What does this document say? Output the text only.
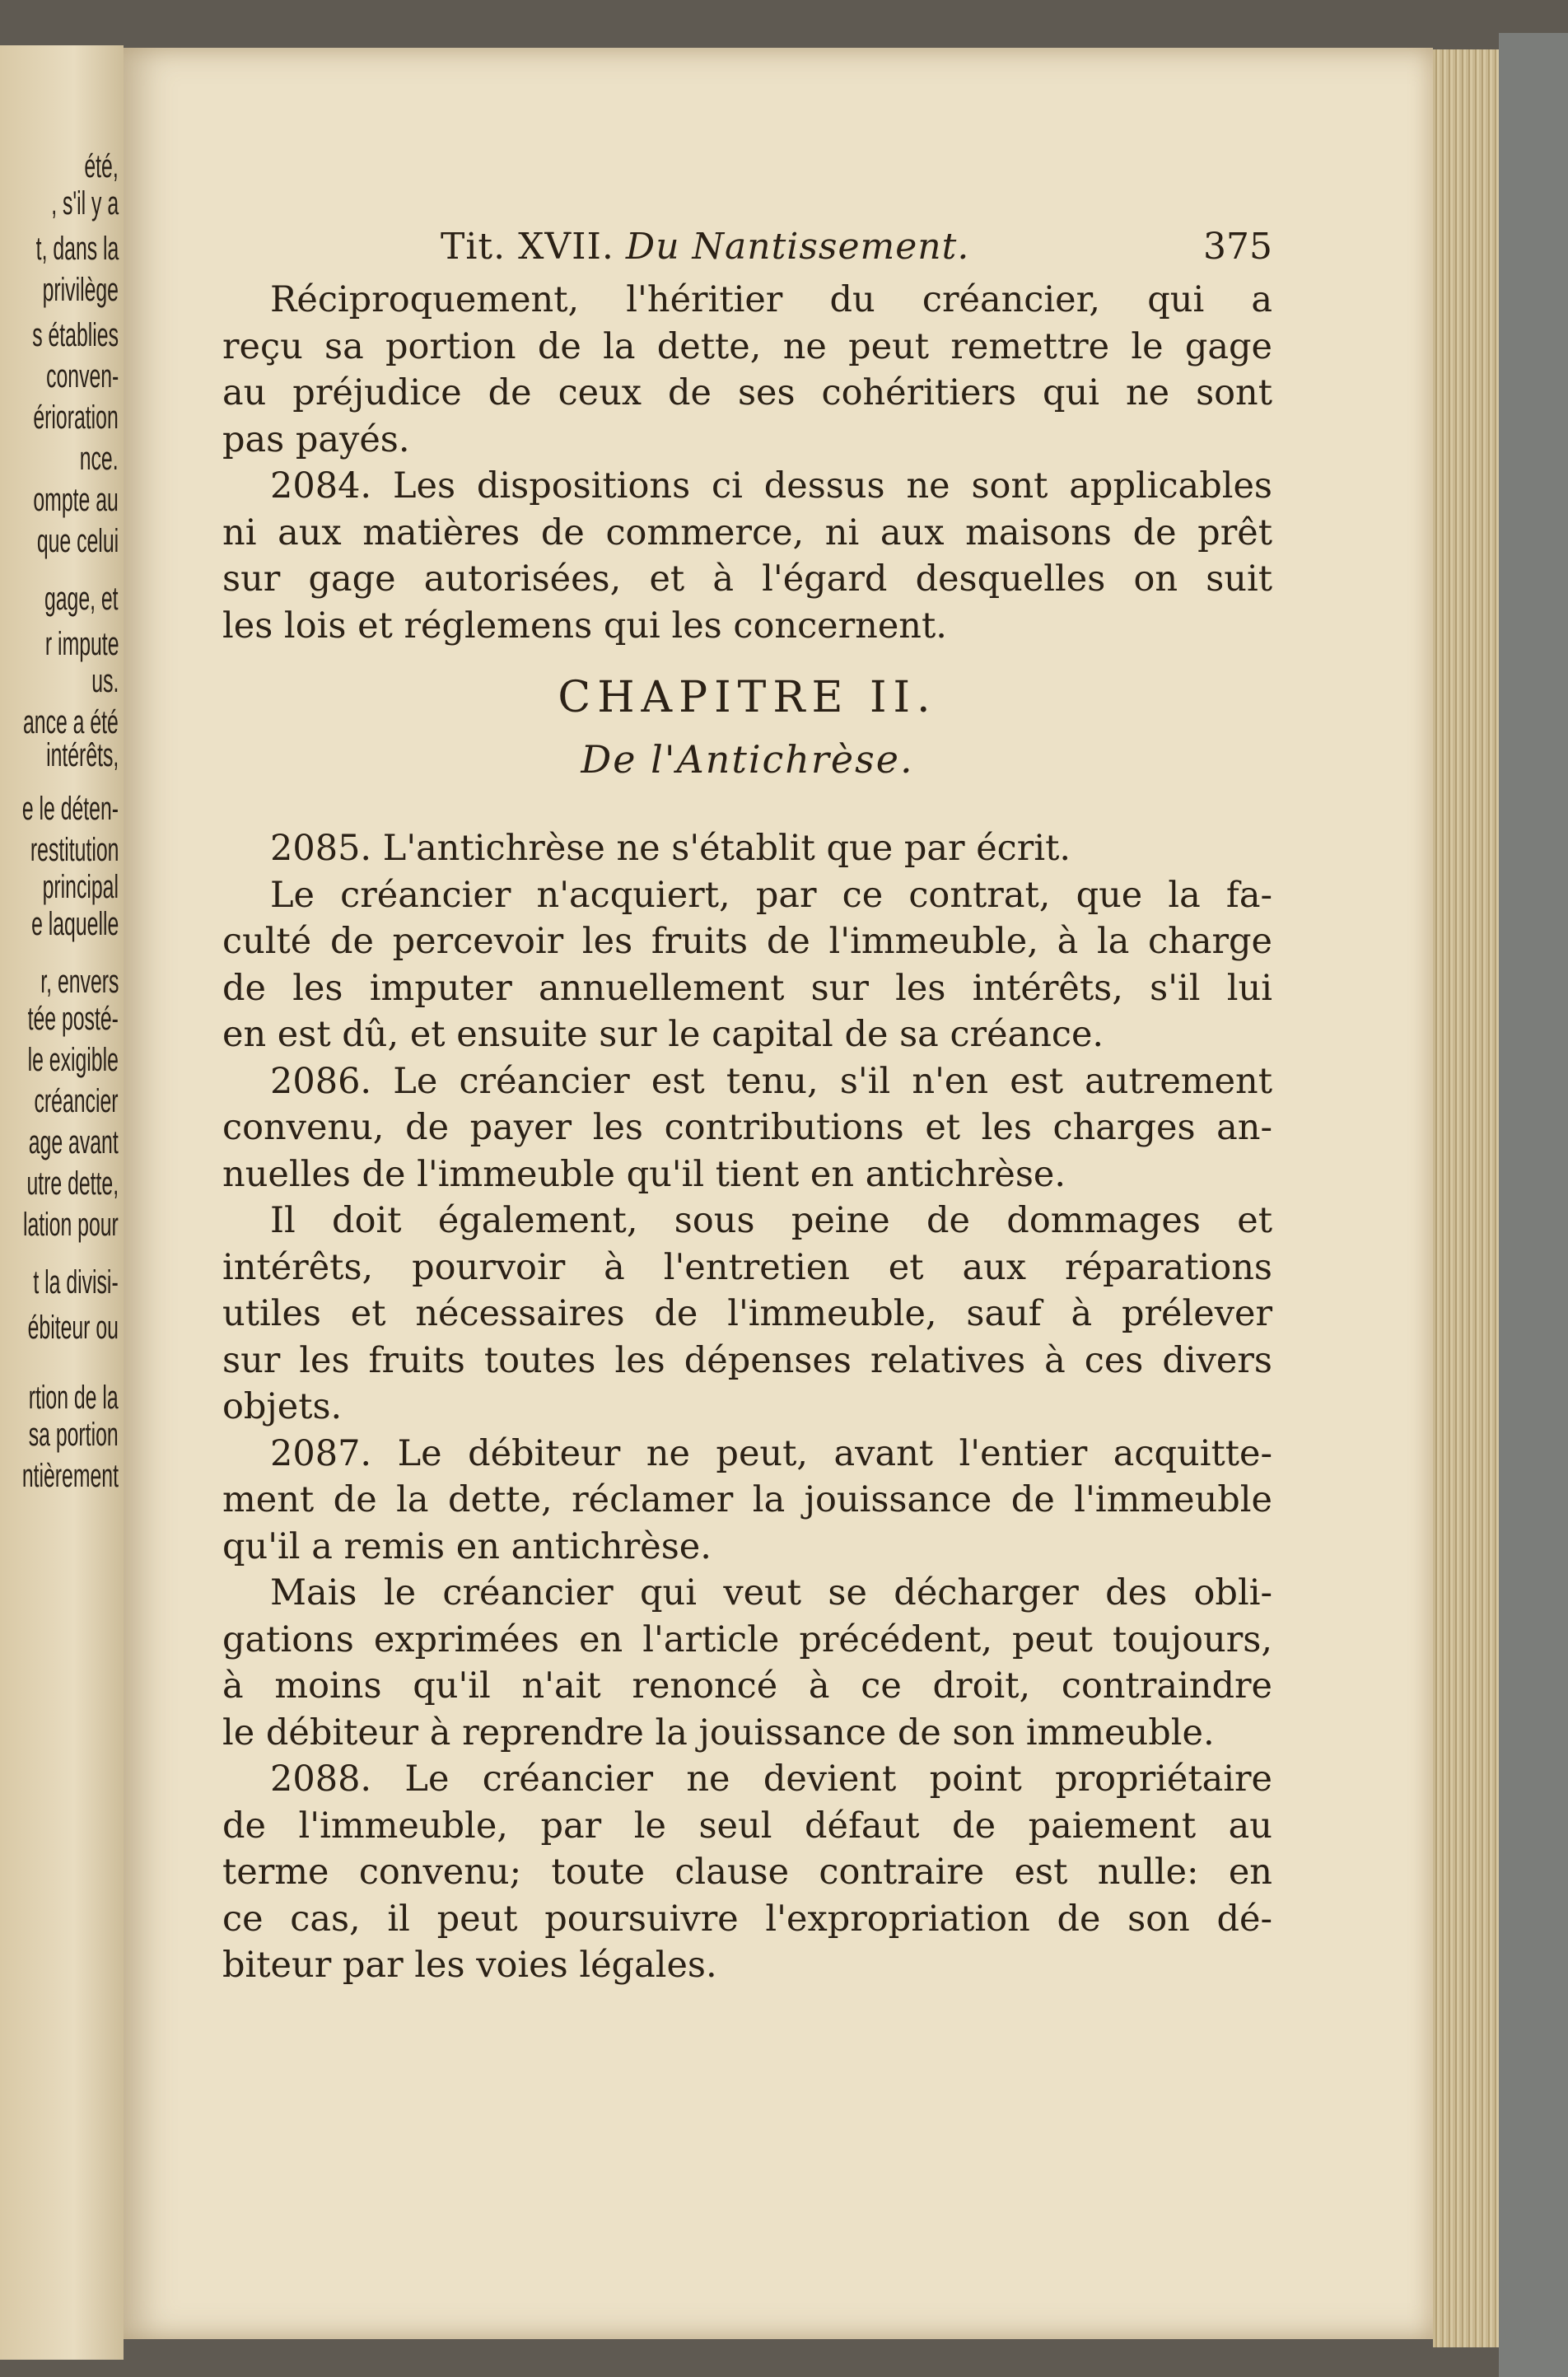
été,
, s'il y a
t, dans la
privilège
s établies
conven-
érioration
nce.
ompte au
que celui
gage, et
r impute
us.
ance a été
intérêts,
e le déten-
restitution
principal
e laquelle
r, envers
tée posté-
le exigible
créancier
age avant
utre dette,
lation pour
t la divisi-
ébiteur ou
rtion de la
sa portion
ntièrement
Tit. XVII. Du Nantissement.	375
Réciproquement, l'héritier du créancier, qui a
reçu sa portion de la dette, ne peut remettre le gage
au préjudice de ceux de ses cohéritiers qui ne sont
pas payés.
2084. Les dispositions ci dessus ne sont applicables
ni aux matières de commerce, ni aux maisons de prêt
sur gage autorisées, et à l'égard desquelles on suit
les lois et réglemens qui les concernent.
CHAPITRE II.
De l'Antichrèse.
2085. L'antichrèse ne s'établit que par écrit.
Le créancier n'acquiert, par ce contrat, que la fa-
culté de percevoir les fruits de l'immeuble, à la charge
de les imputer annuellement sur les intérêts, s'il lui
en est dû, et ensuite sur le capital de sa créance.
2086. Le créancier est tenu, s'il n'en est autrement
convenu, de payer les contributions et les charges an-
nuelles de l'immeuble qu'il tient en antichrèse.
Il doit également, sous peine de dommages et
intérêts, pourvoir à l'entretien et aux réparations
utiles et nécessaires de l'immeuble, sauf à prélever
sur les fruits toutes les dépenses relatives à ces divers
objets.
2087. Le débiteur ne peut, avant l'entier acquitte-
ment de la dette, réclamer la jouissance de l'immeuble
qu'il a remis en antichrèse.
Mais le créancier qui veut se décharger des obli-
gations exprimées en l'article précédent, peut toujours,
à moins qu'il n'ait renoncé à ce droit, contraindre
le débiteur à reprendre la jouissance de son immeuble.
2088. Le créancier ne devient point propriétaire
de l'immeuble, par le seul défaut de paiement au
terme convenu; toute clause contraire est nulle: en
ce cas, il peut poursuivre l'expropriation de son dé-
biteur par les voies légales.
